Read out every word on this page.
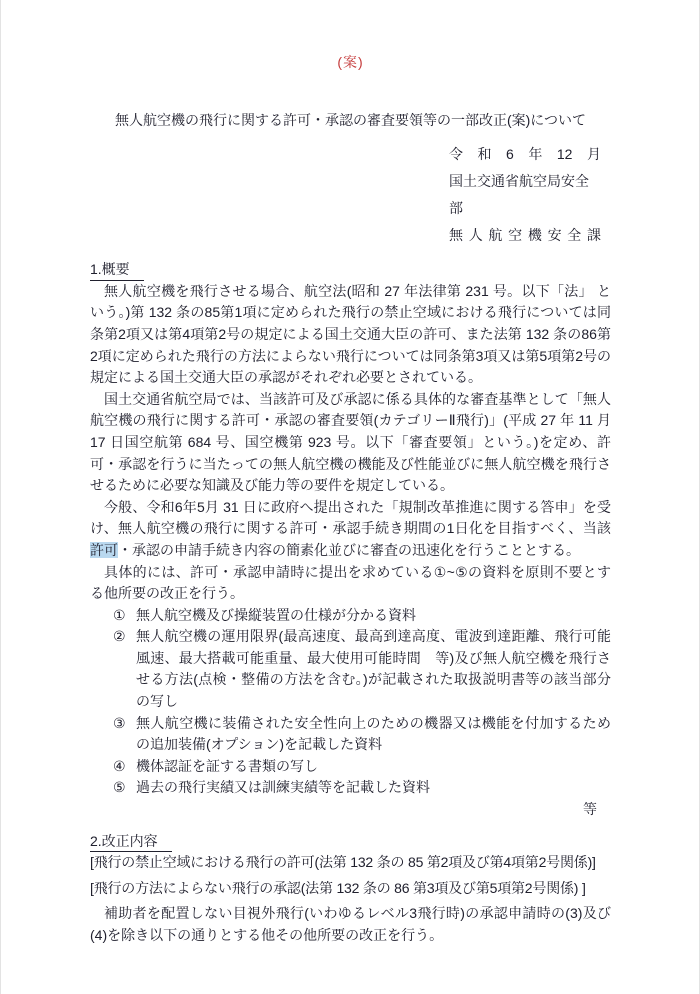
(案)
無人航空機の飛行に関する許可・承認の審査要領等の一部改正(案)について
令和6年12月
国土交通省航空局安全部
無人航空機安全課
1.概要

無人航空機を飛行させる場合、航空法(昭和 27 年法律第 231 号。以下「法」 という。)第 132 条の85第1項に定められた飛行の禁止空域における飛行については同条第2項又は第4項第2号の規定による国土交通大臣の許可、また法第 132 条の86第2項に定められた飛行の方法によらない飛行については同条第3項又は第5項第2号の規定による国土交通大臣の承認がそれぞれ必要とされている。

国土交通省航空局では、当該許可及び承認に係る具体的な審査基準として「無人航空機の飛行に関する許可・承認の審査要領(カテゴリーⅡ飛行)」(平成 27 年 11 月 17 日国空航第 684 号、国空機第 923 号。以下「審査要領」という。)を定め、許可・承認を行うに当たっての無人航空機の機能及び性能並びに無人航空機を飛行させるために必要な知識及び能力等の要件を規定している。

今般、令和6年5月 31 日に政府へ提出された「規制改革推進に関する答申」を受け、無人航空機の飛行に関する許可・承認手続き期間の1日化を目指すべく、当該許可・承認の申請手続き内容の簡素化並びに審査の迅速化を行うこととする。

具体的には、許可・承認申請時に提出を求めている①~⑤の資料を原則不要とする他所要の改正を行う。

① 無人航空機及び操縦装置の仕様が分かる資料
② 無人航空機の運用限界(最高速度、最高到達高度、電波到達距離、飛行可能風速、最大搭載可能重量、最大使用可能時間　等)及び無人航空機を飛行させる方法(点検・整備の方法を含む。)が記載された取扱説明書等の該当部分の写し
③ 無人航空機に装備された安全性向上のための機器又は機能を付加するための追加装備(オプション)を記載した資料
④ 機体認証を証する書類の写し
⑤ 過去の飛行実績又は訓練実績等を記載した資料
等
2.改正内容

[飛行の禁止空域における飛行の許可(法第 132 条の 85 第2項及び第4項第2号関係)]

[飛行の方法によらない飛行の承認(法第 132 条の 86 第3項及び第5項第2号関係) ]

補助者を配置しない目視外飛行(いわゆるレベル3飛行時)の承認申請時の(3)及び(4)を除き以下の通りとする他その他所要の改正を行う。
